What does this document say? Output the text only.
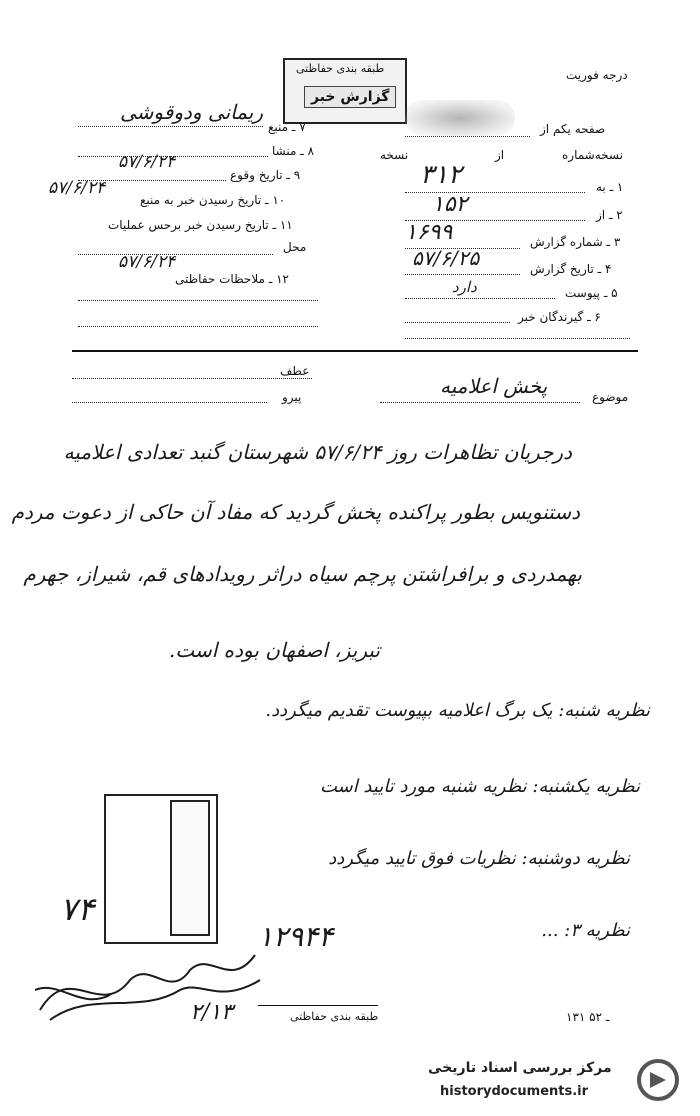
طبقه بندی حفاظتی
گزارش خبر
درجه فوریت
صفحه یکم از
نسخه‌شماره
از
نسخه
۱ ـ به
۳۱۲
۲ ـ از
۱۵۲
۳ ـ شماره گزارش
۱۶۹۹
۴ ـ تاریخ گزارش
۵۷/۶/۲۵
۵ ـ پیوست
دارد
۶ ـ گیرندگان خبر
۷ ـ منبع
ریمانی ودوقوشی
۸ ـ منشا
۹ ـ تاریخ وقوع
۵۷/۶/۲۴
۱۰ ـ تاریخ رسیدن خبر به منبع
۵۷/۶/۲۴
۱۱ ـ تاریخ رسیدن خبر برحس عملیات
محل
۵۷/۶/۲۴
۱۲ ـ ملاحظات حفاظتی
عطف
پیرو	موضوع
پخش اعلامیه
درجریان تظاهرات روز ۵۷/۶/۲۴ شهرستان گنبد تعدادی اعلامیه
دستنویس بطور پراکنده پخش گردید که مفاد آن حاکی از دعوت مردم
بهمدردی و برافراشتن پرچم سیاه دراثر رویدادهای قم، شیراز، جهرم
تبریز، اصفهان بوده است.
نظریه شنبه: یک برگ اعلامیه بپیوست تقدیم میگردد.
نظریه یکشنبه: نظریه شنبه مورد تایید است
نظریه دوشنبه: نظریات فوق تایید میگردد
نظریه ۳: ...
۱۲۹۴۴
۷۴
۲/۱۳	طبقه بندی حفاظتی	۱۳۱ ـ ۵۲
مرکز بررسی اسناد تاریخی
historydocuments.ir
